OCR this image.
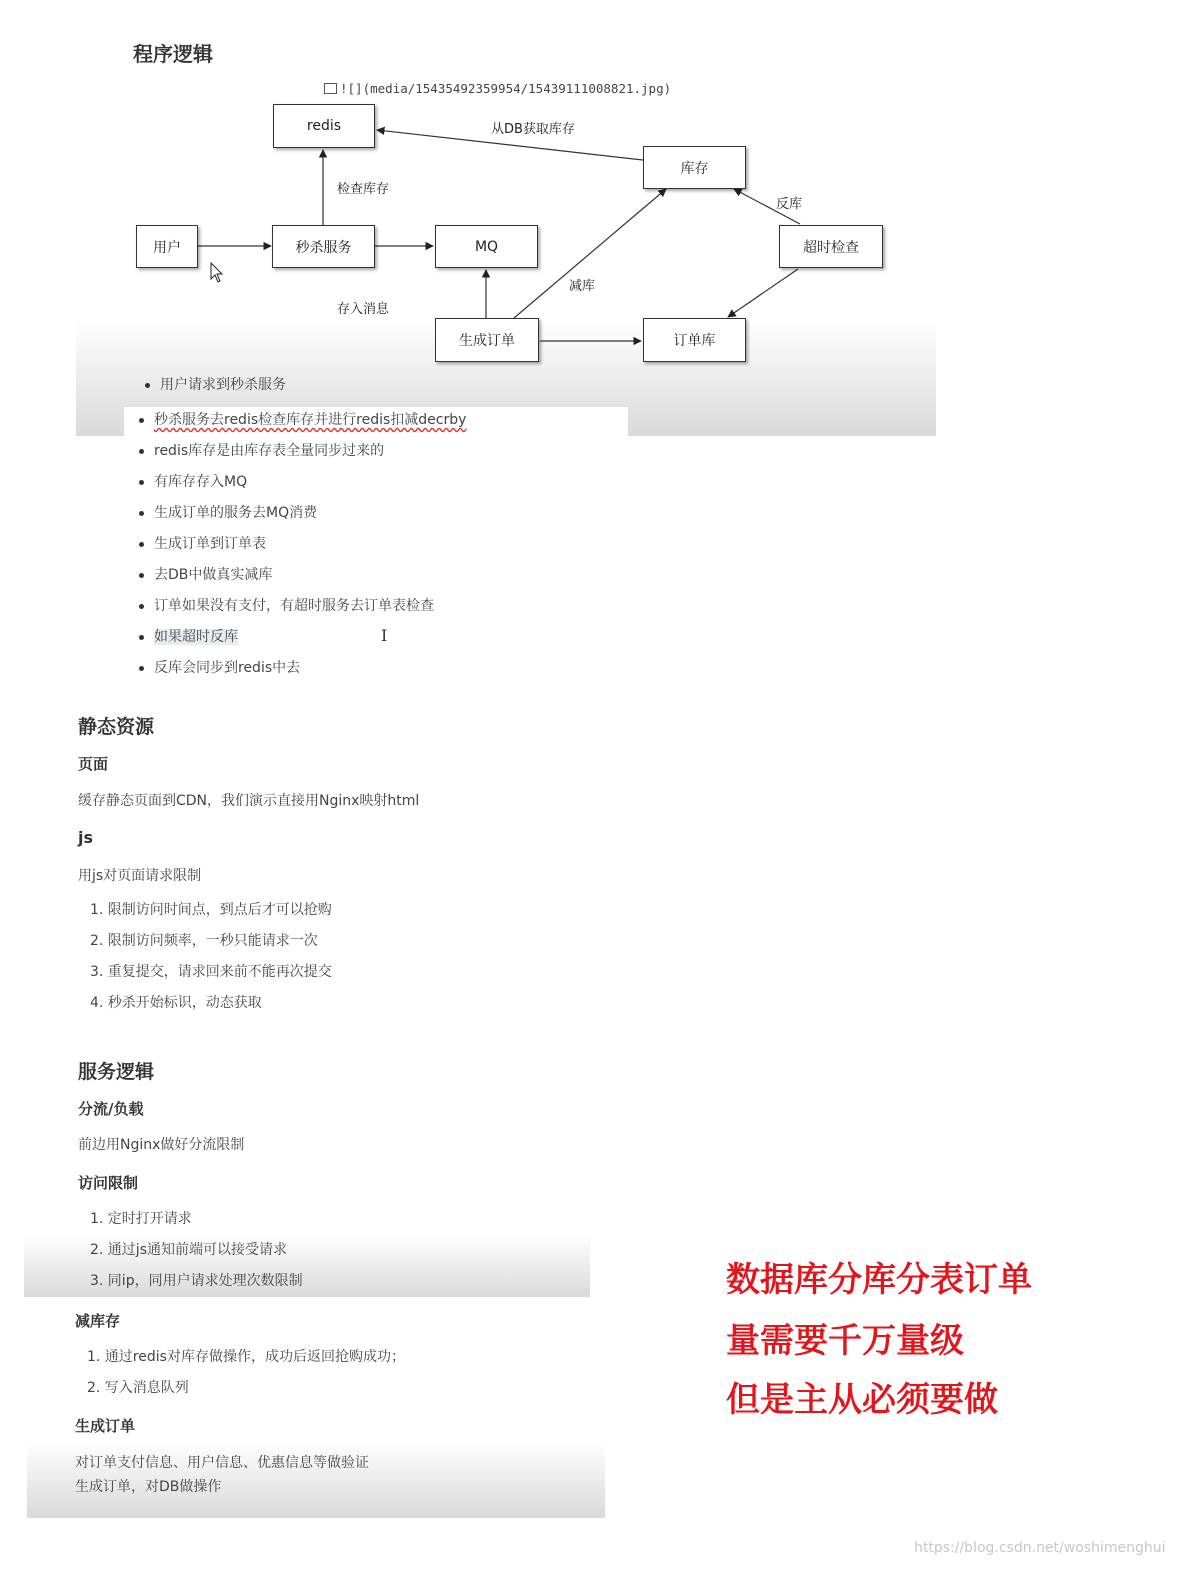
程序逻辑
![](media/15435492359954/15439111008821.jpg)
redis
用户	秒杀服务	MQ
库存
超时检查
生成订单	订单库
从DB获取库存
检查库存
存入消息
减库
反库
用户请求到秒杀服务
秒杀服务去redis检查库存并进行redis扣减decrby
redis库存是由库存表全量同步过来的
有库存存入MQ
生成订单的服务去MQ消费
生成订单到订单表
去DB中做真实减库
订单如果没有支付，有超时服务去订单表检查
如果超时反库
反库会同步到redis中去
I
静态资源
页面
缓存静态页面到CDN，我们演示直接用Nginx映射html
js
用js对页面请求限制
1. 限制访问时间点，到点后才可以抢购
2. 限制访问频率，一秒只能请求一次
3. 重复提交，请求回来前不能再次提交
4. 秒杀开始标识，动态获取
服务逻辑
分流/负载
前边用Nginx做好分流限制
访问限制
1. 定时打开请求
2. 通过js通知前端可以接受请求
3. 同ip，同用户请求处理次数限制
减库存
1. 通过redis对库存做操作，成功后返回抢购成功；
2. 写入消息队列
生成订单
对订单支付信息、用户信息、优惠信息等做验证
生成订单，对DB做操作
数据库分库分表订单
量需要千万量级
但是主从必须要做
https://blog.csdn.net/woshimenghui
